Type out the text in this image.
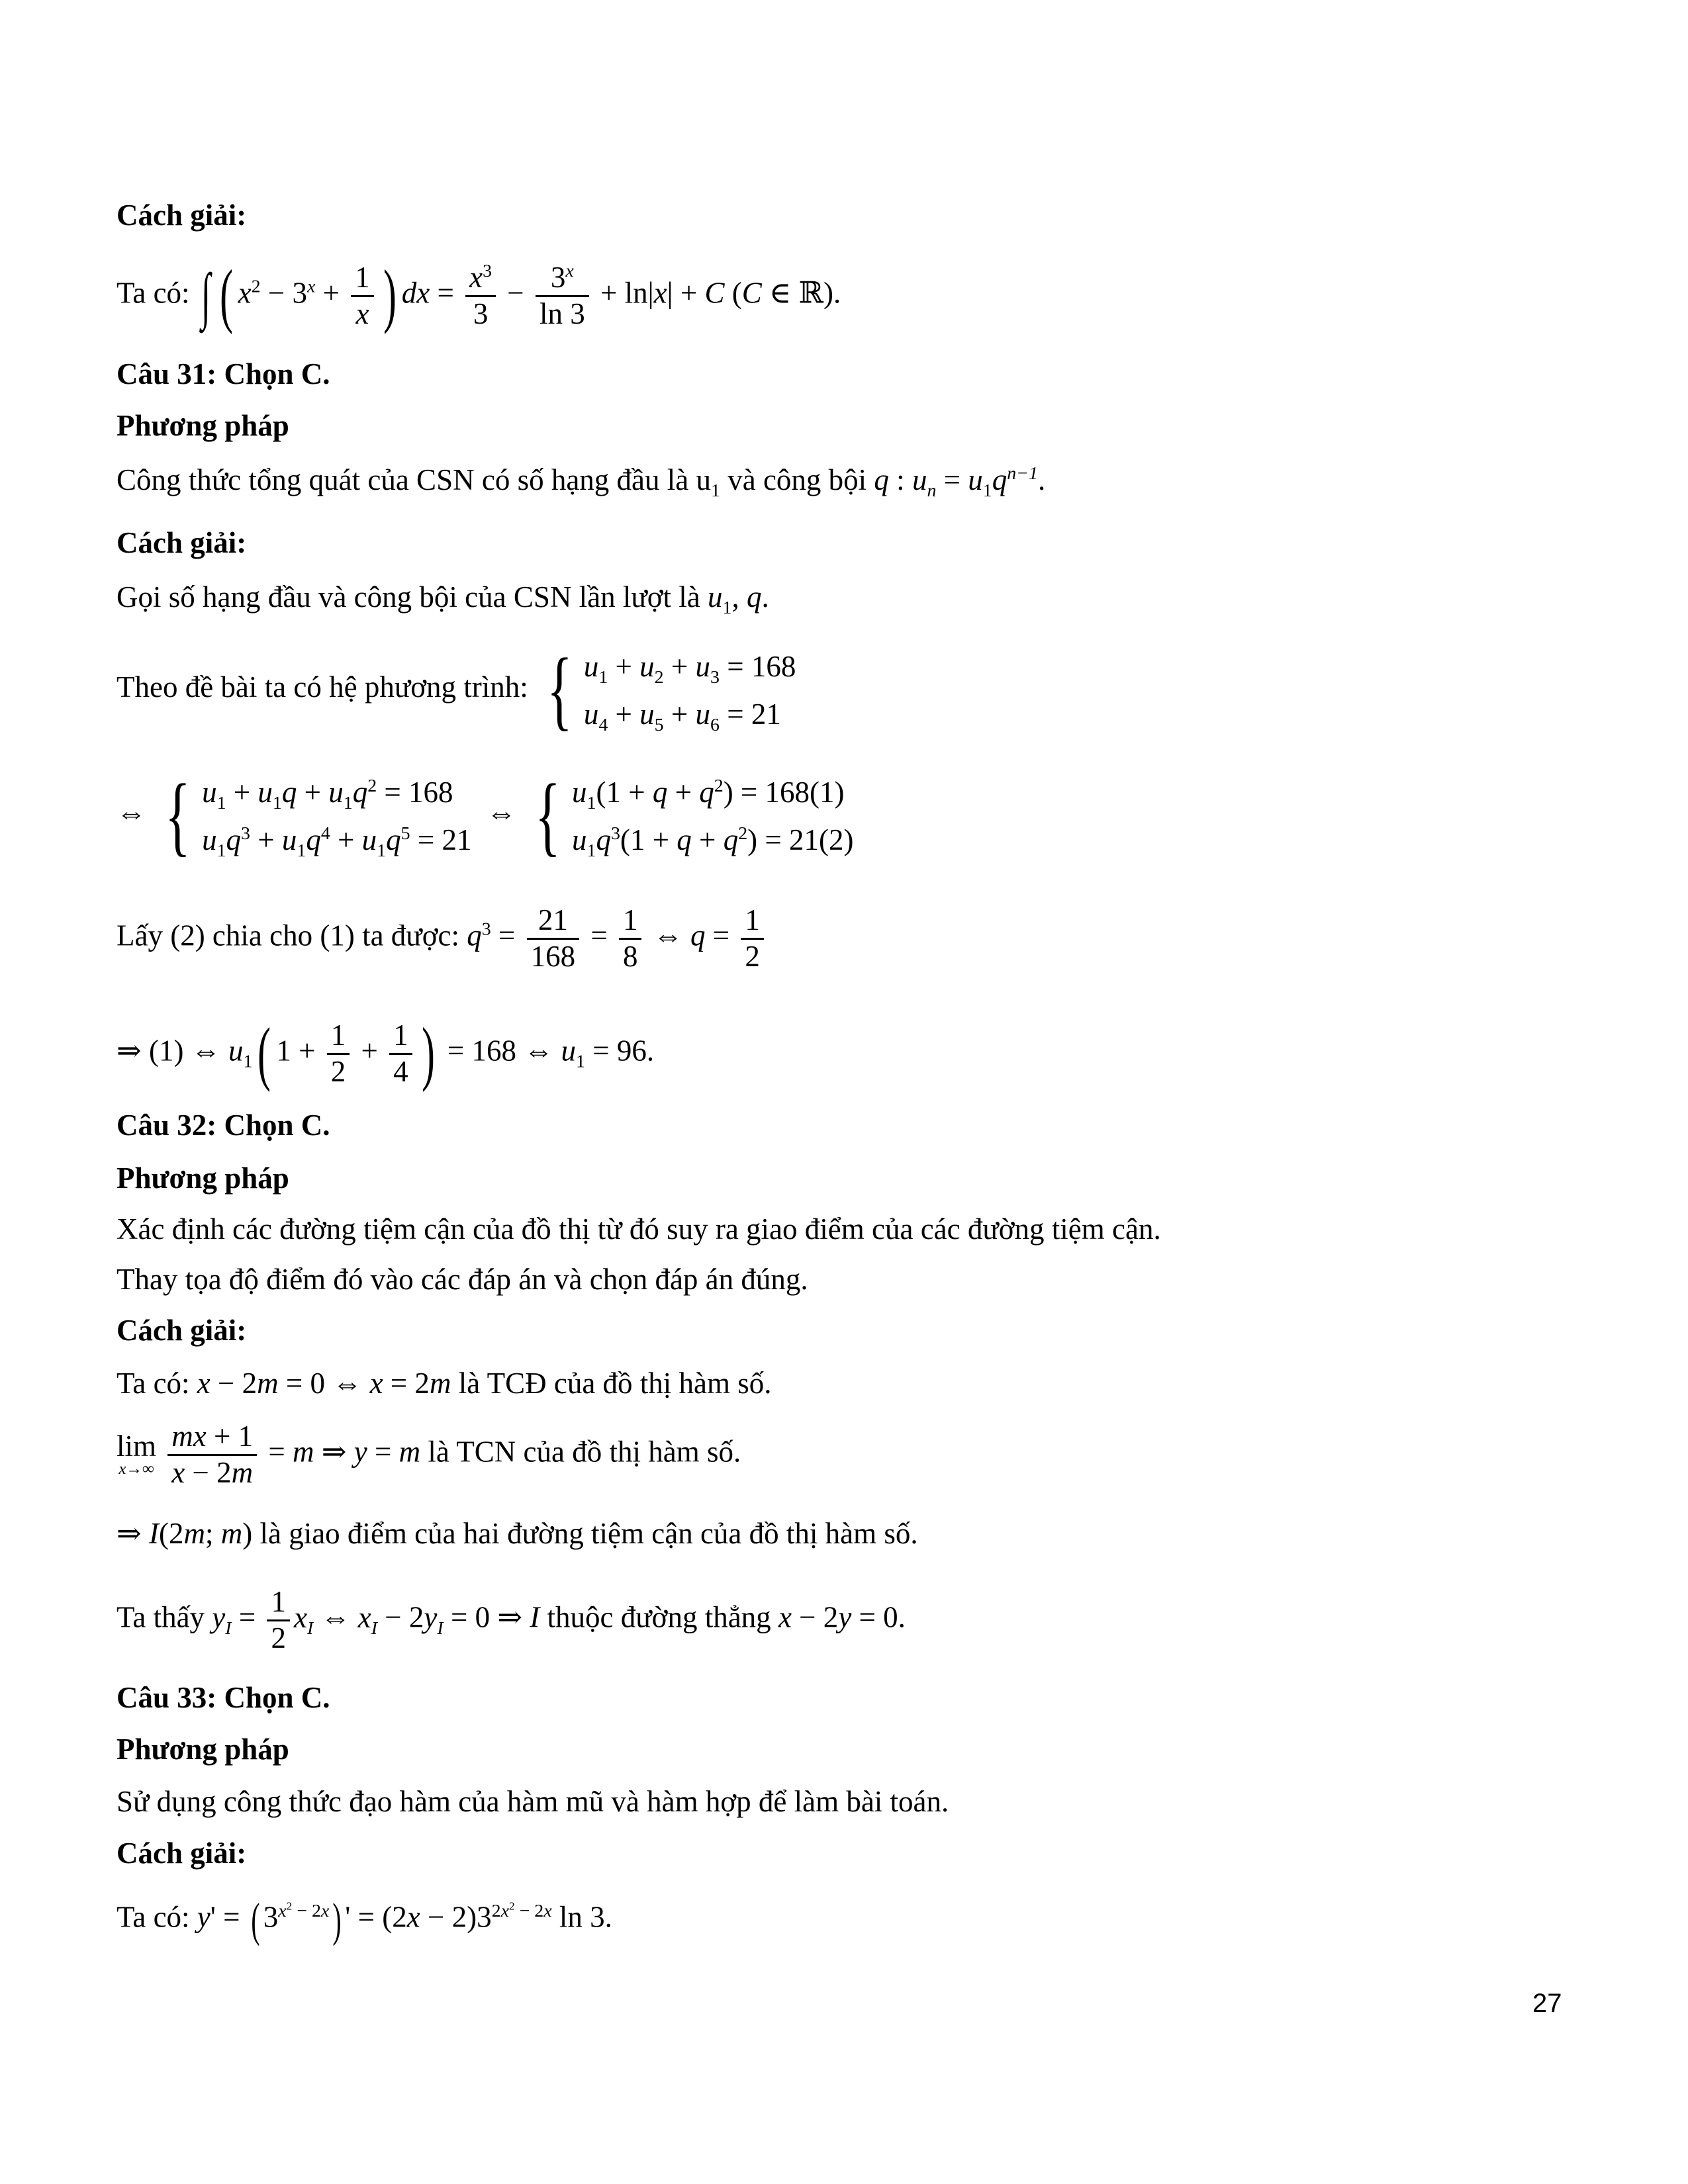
Cách giải:
Ta có: ∫ ( $x^2 - 3^x + \frac{1}{x}$ ) dx = $\frac{x^3}{3} - \frac{3^x}{\ln 3} + \ln|x| + C$ (C ∈ ℝ).
Câu 31: Chọn C.
Phương pháp
Công thức tổng quát của CSN có số hạng đầu là $u_1$ và công bội q : $u_n = u_1q^{n-1}$.
Cách giải:
Gọi số hạng đầu và công bội của CSN lần lượt là $u_1$, q.
Theo đề bài ta có hệ phương trình: { $u_1 + u_2 + u_3 = 168$
$u_4 + u_5 + u_6 = 21$
⇔ { $u_1 + u_1q + u_1q^2 = 168$
$u_1q^3 + u_1q^4 + u_1q^5 = 21$
⇔ { $u_1(1 + q + q^2) = 168(1)$
$u_1q^3(1 + q + q^2) = 21(2)$
Lấy (2) chia cho (1) ta được: $q^3 = \frac{21}{168} = \frac{1}{8}$ ⇔ $q = \frac{1}{2}$
⇒ (1) ⇔ $u_1$( $1 + \frac{1}{2} + \frac{1}{4}$ ) = 168 ⇔ $u_1 = 96$.
Câu 32: Chọn C.
Phương pháp
Xác định các đường tiệm cận của đồ thị từ đó suy ra giao điểm của các đường tiệm cận.
Thay tọa độ điểm đó vào các đáp án và chọn đáp án đúng.
Cách giải:
Ta có: x − 2m = 0 ⇔ x = 2m là TCĐ của đồ thị hàm số.
lim
x→∞
$\frac{mx + 1}{x - 2m} = m$ ⇒ y = m là TCN của đồ thị hàm số.
⇒ I(2m; m) là giao điểm của hai đường tiệm cận của đồ thị hàm số.
Ta thấy $y_I = \frac{1}{2} x_I$ ⇔ $x_I - 2y_I = 0$ ⇒ I thuộc đường thẳng x − 2y = 0.
Câu 33: Chọn C.
Phương pháp
Sử dụng công thức đạo hàm của hàm mũ và hàm hợp để làm bài toán.
Cách giải:
Ta có: y' = ( $3^{x^2 - 2x}$) ' = $(2x - 2)3^{2x^2 - 2x}$ ln 3.
27
